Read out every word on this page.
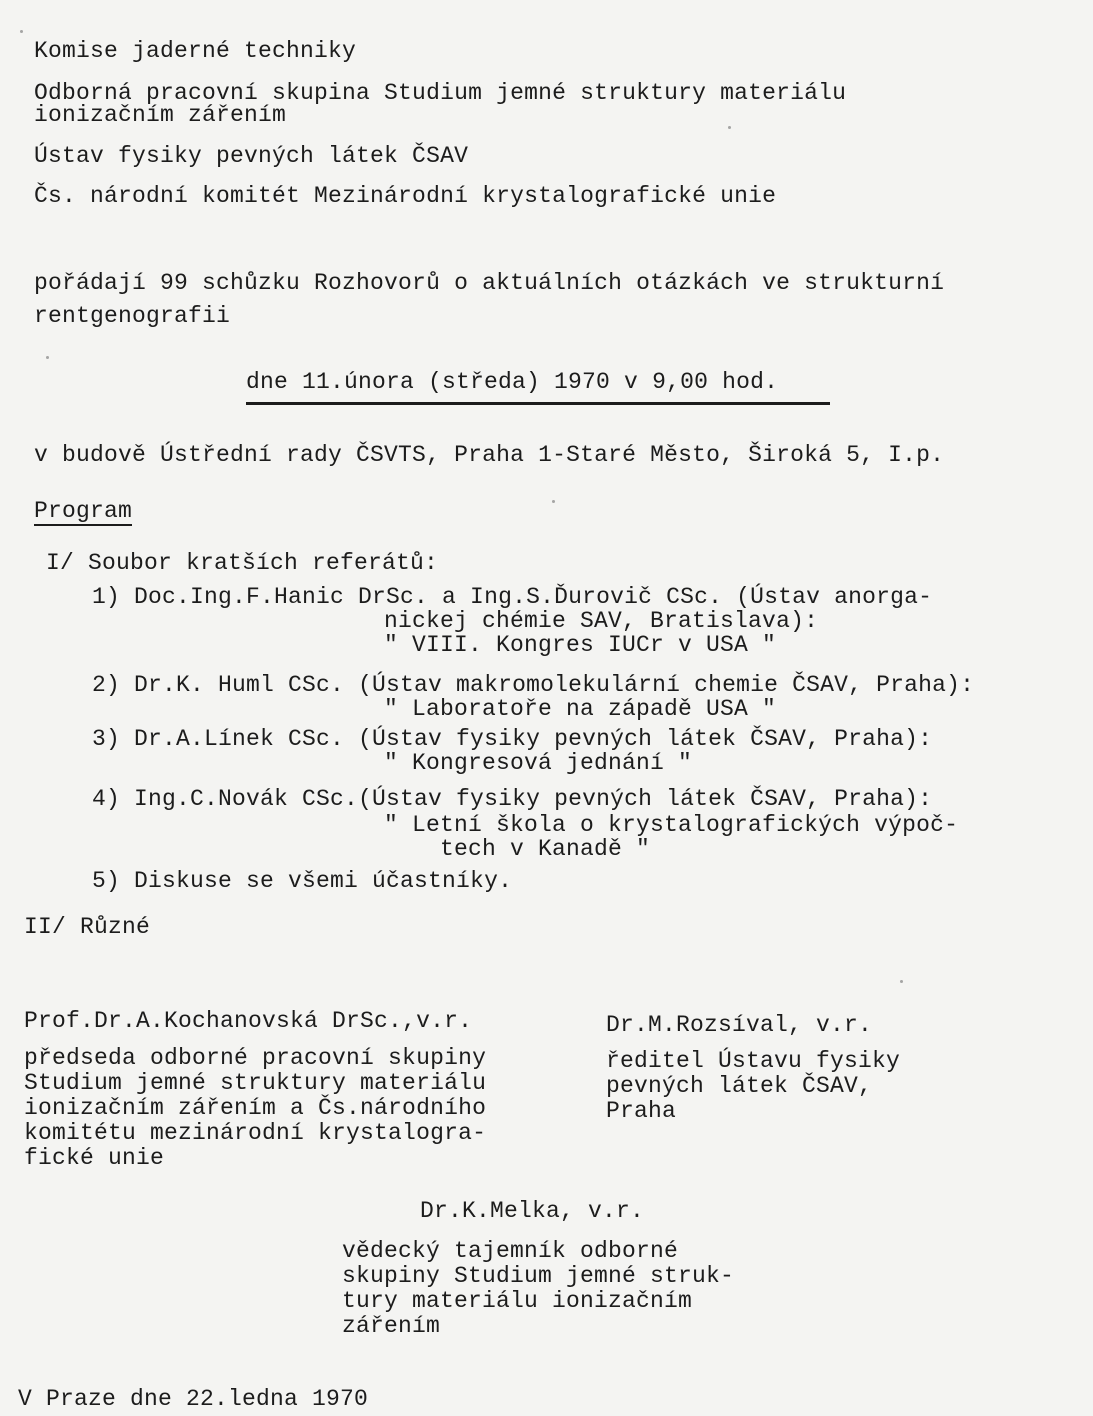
Komise jaderné techniky

Odborná pracovní skupina Studium jemné struktury materiálu

ionizačním zářením

Ústav fysiky pevných látek ČSAV

Čs. národní komitét Mezinárodní krystalografické unie

pořádají 99 schůzku Rozhovorů o aktuálních otázkách ve strukturní

rentgenografii

dne 11.února (středa) 1970 v 9,00 hod.

v budově Ústřední rady ČSVTS, Praha 1-Staré Město, Široká 5, I.p.

Program

I/ Soubor kratších referátů:

1) Doc.Ing.F.Hanic DrSc. a Ing.S.Ďurovič CSc. (Ústav anorga-

nickej chémie SAV, Bratislava):

" VIII. Kongres IUCr v USA "

2) Dr.K. Huml CSc. (Ústav makromolekulární chemie ČSAV, Praha):

" Laboratoře na západě USA "

3) Dr.A.Línek CSc. (Ústav fysiky pevných látek ČSAV, Praha):

" Kongresová jednání "

4) Ing.C.Novák CSc.(Ústav fysiky pevných látek ČSAV, Praha):

" Letní škola o krystalografických výpoč-

tech v Kanadě "

5) Diskuse se všemi účastníky.

II/ Různé

Prof.Dr.A.Kochanovská DrSc.,v.r.

předseda odborné pracovní skupiny

Studium jemné struktury materiálu

ionizačním zářením a Čs.národního

komitétu mezinárodní krystalogra-

fické unie

Dr.M.Rozsíval, v.r.

ředitel Ústavu fysiky

pevných látek ČSAV,

Praha

Dr.K.Melka, v.r.

vědecký tajemník odborné

skupiny Studium jemné struk-

tury materiálu ionizačním

zářením

V Praze dne 22.ledna 1970
